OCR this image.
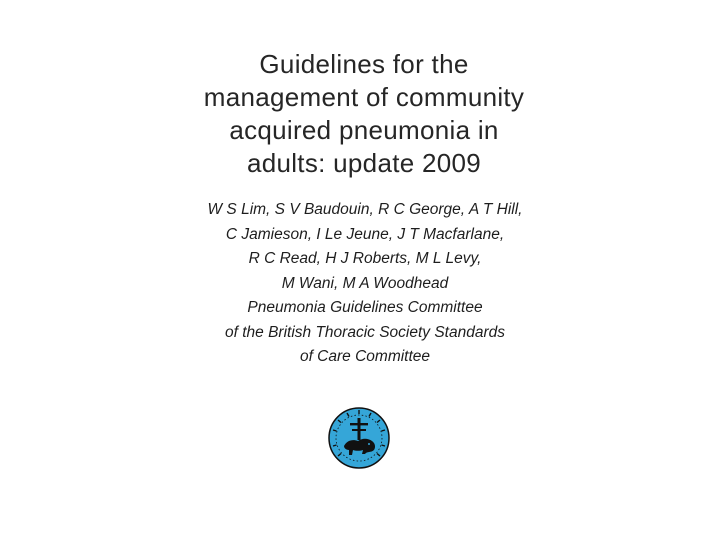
Guidelines for the
management of community
acquired pneumonia in
adults: update 2009
W S Lim, S V Baudouin, R C George, A T Hill,
C Jamieson, I Le Jeune, J T Macfarlane,
R C Read, H J Roberts, M L Levy,
M Wani, M A Woodhead
Pneumonia Guidelines Committee
of the British Thoracic Society Standards
of Care Committee
